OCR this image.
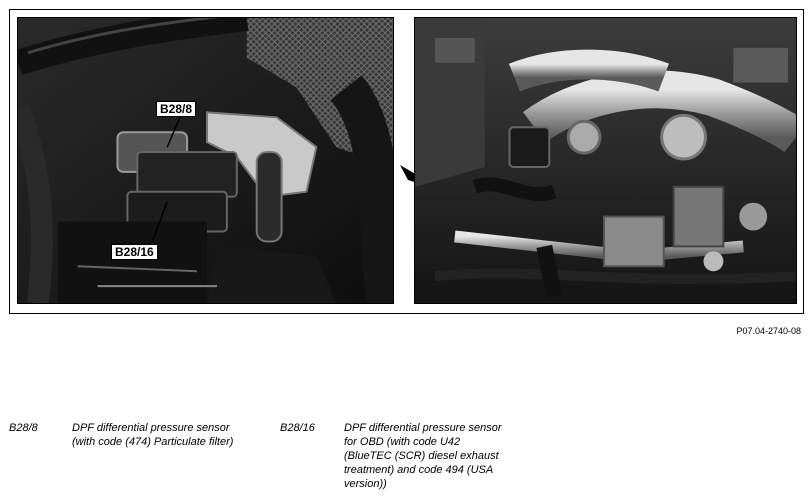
B28/8
B28/16
P07.04-2740-08
B28/8	DPF differential pressure sensor
(with code (474) Particulate filter)
B28/16	DPF differential pressure sensor
for OBD (with code U42
(BlueTEC (SCR) diesel exhaust
treatment) and code 494 (USA
version))
